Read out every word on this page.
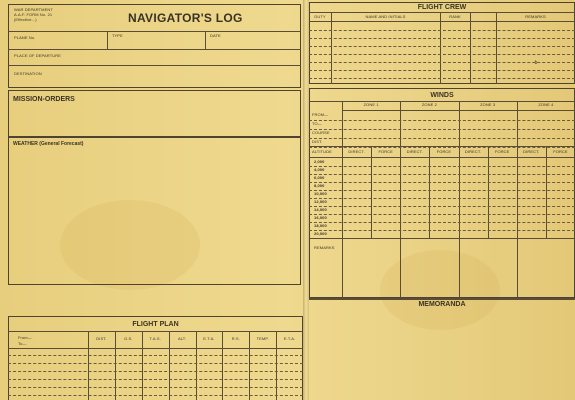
WAR DEPARTMENT
A.A.F. FORM No. 21
(Effective...)	NAVIGATOR'S LOG
PLANE No.	TYPE	DATE
PLACE OF DEPARTURE
DESTINATION
MISSION-ORDERS
WEATHER (General Forecast)
FLIGHT PLAN
From—
To—
FLIGHT CREW
·b
WINDS
MEMORANDA
DIST.	G.S.	T.A.S.	ALT.	E.T.A.	R.S.	TEMP.	E.T.A.
DUTY	NAME AND INITIALS	RANK	REMARKS
ZONE 1	ZONE 2	ZONE 3	ZONE 4
FROM—
TO—
COURSE
DIST.
ALTITUDE	DIRECT.	FORCE	DIRECT.	FORCE	DIRECT.	FORCE	DIRECT.	FORCE
2,000
4,000
6,000
8,000
10,000
12,000
14,000
16,000
18,000
20,000
REMARKS
